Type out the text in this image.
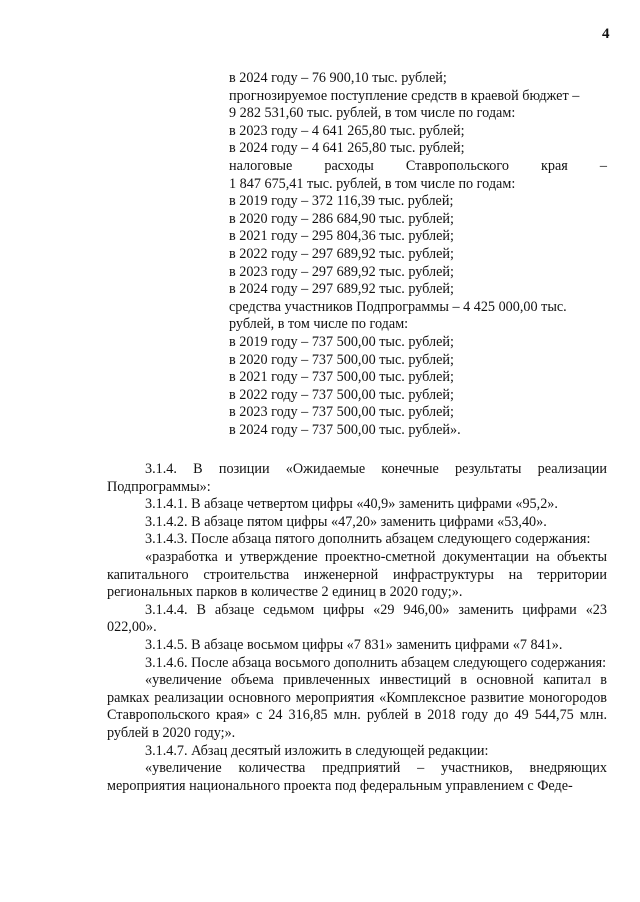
4
в 2024 году – 76 900,10 тыс. рублей;
прогнозируемое поступление средств в краевой бюджет –
9 282 531,60 тыс. рублей, в том числе по годам:
в 2023 году – 4 641 265,80 тыс. рублей;
в 2024 году – 4 641 265,80 тыс. рублей;
налоговые расходы Ставропольского края –
1 847 675,41 тыс. рублей, в том числе по годам:
в 2019 году – 372 116,39 тыс. рублей;
в 2020 году – 286 684,90 тыс. рублей;
в 2021 году – 295 804,36 тыс. рублей;
в 2022 году – 297 689,92 тыс. рублей;
в 2023 году – 297 689,92 тыс. рублей;
в 2024 году – 297 689,92 тыс. рублей;
средства участников Подпрограммы – 4 425 000,00 тыс.
рублей, в том числе по годам:
в 2019 году – 737 500,00 тыс. рублей;
в 2020 году – 737 500,00 тыс. рублей;
в 2021 году – 737 500,00 тыс. рублей;
в 2022 году – 737 500,00 тыс. рублей;
в 2023 году – 737 500,00 тыс. рублей;
в 2024 году – 737 500,00 тыс. рублей».

3.1.4. В позиции «Ожидаемые конечные результаты реализации Подпрограммы»:

3.1.4.1. В абзаце четвертом цифры «40,9» заменить цифрами «95,2».

3.1.4.2. В абзаце пятом цифры «47,20» заменить цифрами «53,40».

3.1.4.3. После абзаца пятого дополнить абзацем следующего содержания:

«разработка и утверждение проектно-сметной документации на объекты капитального строительства инженерной инфраструктуры на территории региональных парков в количестве 2 единиц в 2020 году;».

3.1.4.4. В абзаце седьмом цифры «29 946,00» заменить цифрами «23 022,00».

3.1.4.5. В абзаце восьмом цифры «7 831» заменить цифрами «7 841».

3.1.4.6. После абзаца восьмого дополнить абзацем следующего содержания:

«увеличение объема привлеченных инвестиций в основной капитал в рамках реализации основного мероприятия «Комплексное развитие моногородов Ставропольского края» с 24 316,85 млн. рублей в 2018 году до 49 544,75 млн. рублей в 2020 году;».

3.1.4.7. Абзац десятый изложить в следующей редакции:

«увеличение количества предприятий – участников, внедряющих мероприятия национального проекта под федеральным управлением с Феде-
